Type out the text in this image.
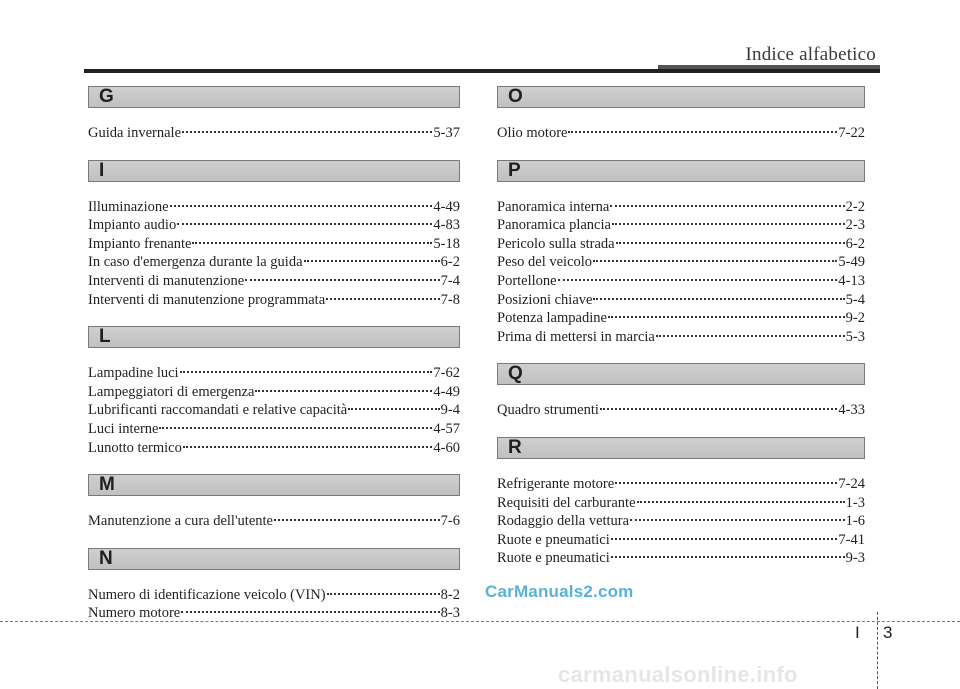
Indice alfabetico
G
Guida invernale	5-37
I
Illuminazione	4-49
Impianto audio	4-83
Impianto frenante	5-18
In caso d'emergenza durante la guida	6-2
Interventi di manutenzione	7-4
Interventi di manutenzione programmata	7-8
L
Lampadine luci	7-62
Lampeggiatori di emergenza	4-49
Lubrificanti raccomandati e relative capacità	9-4
Luci interne	4-57
Lunotto termico	4-60
M
Manutenzione a cura dell'utente	7-6
N
Numero di identificazione veicolo (VIN)	8-2
Numero motore	8-3
O
Olio motore	7-22
P
Panoramica interna	2-2
Panoramica plancia	2-3
Pericolo sulla strada	6-2
Peso del veicolo	5-49
Portellone	4-13
Posizioni chiave	5-4
Potenza lampadine	9-2
Prima di mettersi in marcia	5-3
Q
Quadro strumenti	4-33
R
Refrigerante motore	7-24
Requisiti del carburante	1-3
Rodaggio della vettura	1-6
Ruote e pneumatici	7-41
Ruote e pneumatici	9-3
CarManuals2.com
I 3
carmanualsonline.info
